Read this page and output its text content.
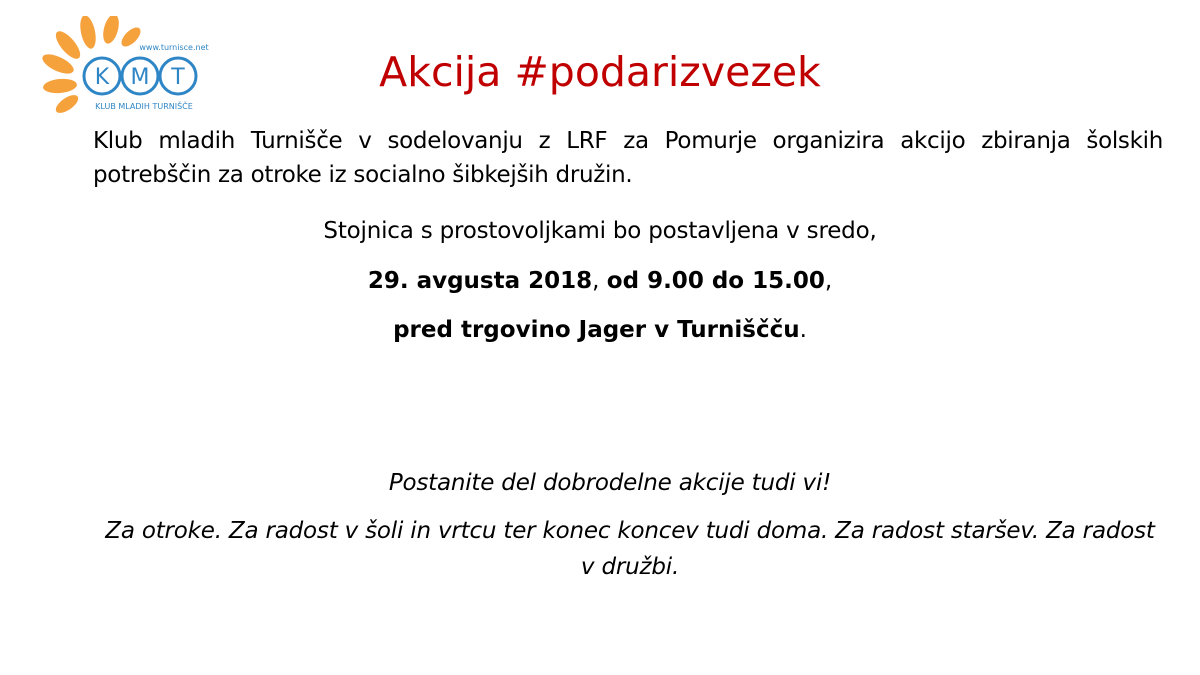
K M T
www.turnisce.net
KLUB MLADIH TURNIŠČE
Akcija #podarizvezek
Klub mladih Turnišče v sodelovanju z LRF za Pomurje organizira akcijo zbiranja šolskih potrebščin za otroke iz socialno šibkejših družin.
Stojnica s prostovoljkami bo postavljena v sredo,
29. avgusta 2018, od 9.00 do 15.00,
pred trgovino Jager v Turniščču.
Postanite del dobrodelne akcije tudi vi!
Za otroke. Za radost v šoli in vrtcu ter konec koncev tudi doma. Za radost staršev. Za radost v družbi.
